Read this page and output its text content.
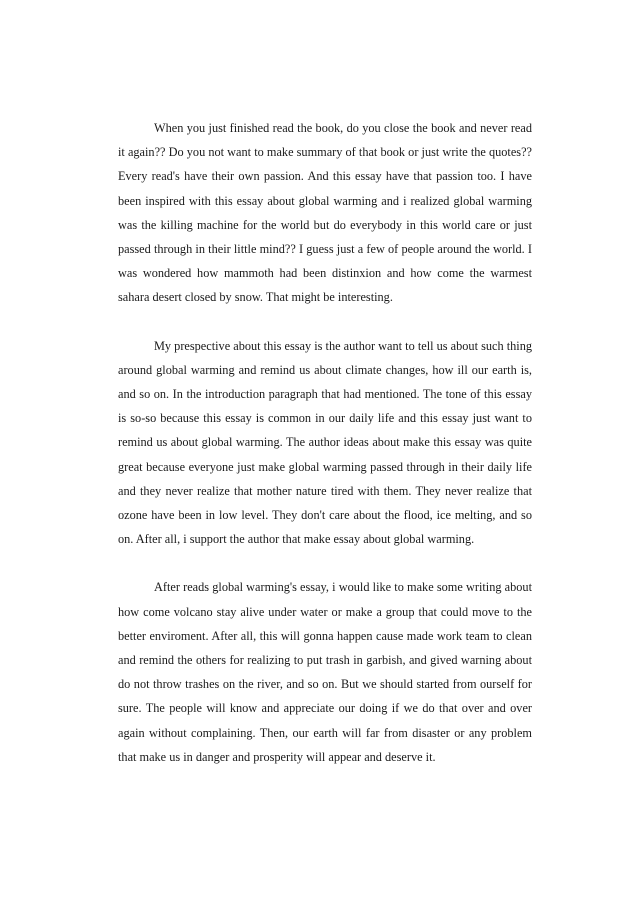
When you just finished read the book, do you close the book and never read it again?? Do you not want to make summary of that book or just write the quotes?? Every read's have their own passion. And this essay have that passion too. I have been inspired with this essay about global warming and i realized global warming was the killing machine for the world but do everybody in this world care or just passed through in their little mind?? I guess just a few of people around the world. I was wondered how mammoth had been distinxion and how come the warmest sahara desert closed by snow. That might be interesting.

My prespective about this essay is the author want to tell us about such thing around global warming and remind us about climate changes, how ill our earth is, and so on. In the introduction paragraph that had mentioned. The tone of this essay is so-so because this essay is common in our daily life and this essay just want to remind us about global warming. The author ideas about make this essay was quite great because everyone just make global warming passed through in their daily life and they never realize that mother nature tired with them. They never realize that ozone have been in low level. They don't care about the flood, ice melting, and so on. After all, i support the author that make essay about global warming.

After reads global warming's essay, i would like to make some writing about how come volcano stay alive under water or make a group that could move to the better enviroment. After all, this will gonna happen cause made work team to clean and remind the others for realizing to put trash in garbish, and gived warning about do not throw trashes on the river, and so on. But we should started from ourself for sure. The people will know and appreciate our doing if we do that over and over again without complaining. Then, our earth will far from disaster or any problem that make us in danger and prosperity will appear and deserve it.
